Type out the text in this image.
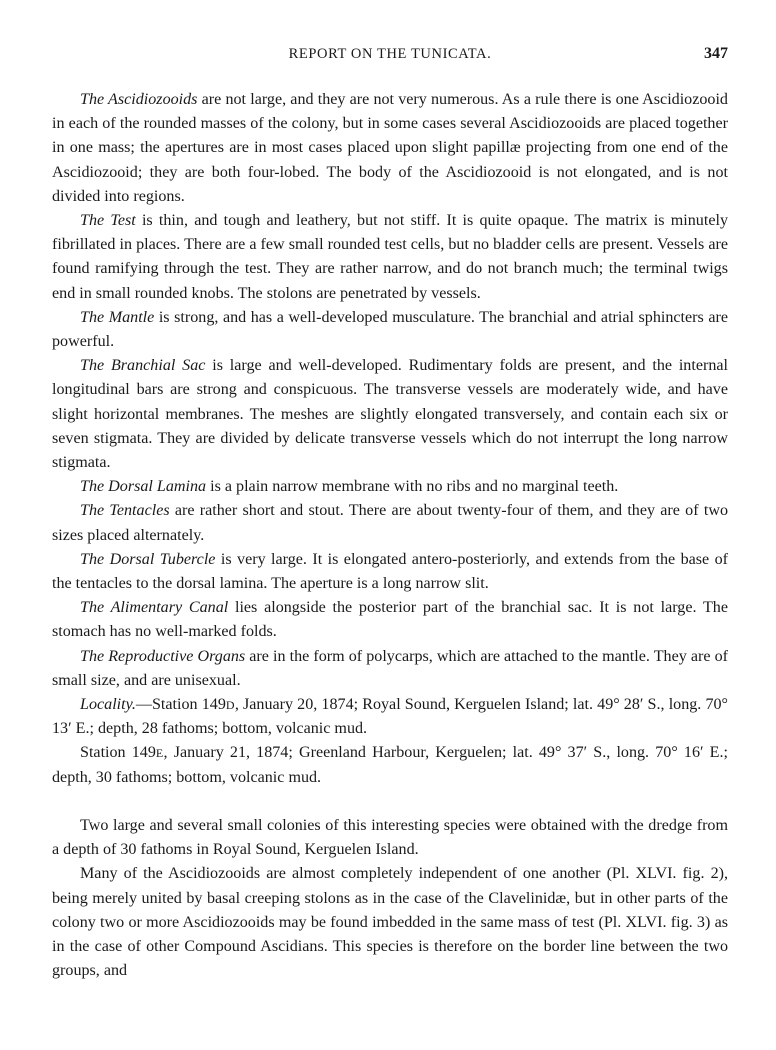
REPORT ON THE TUNICATA.	347

The Ascidiozooids are not large, and they are not very numerous. As a rule there is one Ascidiozooid in each of the rounded masses of the colony, but in some cases several Ascidiozooids are placed together in one mass; the apertures are in most cases placed upon slight papillæ projecting from one end of the Ascidiozooid; they are both four-lobed. The body of the Ascidiozooid is not elongated, and is not divided into regions.

The Test is thin, and tough and leathery, but not stiff. It is quite opaque. The matrix is minutely fibrillated in places. There are a few small rounded test cells, but no bladder cells are present. Vessels are found ramifying through the test. They are rather narrow, and do not branch much; the terminal twigs end in small rounded knobs. The stolons are penetrated by vessels.

The Mantle is strong, and has a well-developed musculature. The branchial and atrial sphincters are powerful.

The Branchial Sac is large and well-developed. Rudimentary folds are present, and the internal longitudinal bars are strong and conspicuous. The transverse vessels are moderately wide, and have slight horizontal membranes. The meshes are slightly elongated transversely, and contain each six or seven stigmata. They are divided by delicate transverse vessels which do not interrupt the long narrow stigmata.

The Dorsal Lamina is a plain narrow membrane with no ribs and no marginal teeth.

The Tentacles are rather short and stout. There are about twenty-four of them, and they are of two sizes placed alternately.

The Dorsal Tubercle is very large. It is elongated antero-posteriorly, and extends from the base of the tentacles to the dorsal lamina. The aperture is a long narrow slit.

The Alimentary Canal lies alongside the posterior part of the branchial sac. It is not large. The stomach has no well-marked folds.

The Reproductive Organs are in the form of polycarps, which are attached to the mantle. They are of small size, and are unisexual.

Locality.—Station 149D, January 20, 1874; Royal Sound, Kerguelen Island; lat. 49° 28′ S., long. 70° 13′ E.; depth, 28 fathoms; bottom, volcanic mud.

Station 149E, January 21, 1874; Greenland Harbour, Kerguelen; lat. 49° 37′ S., long. 70° 16′ E.; depth, 30 fathoms; bottom, volcanic mud.

Two large and several small colonies of this interesting species were obtained with the dredge from a depth of 30 fathoms in Royal Sound, Kerguelen Island.

Many of the Ascidiozooids are almost completely independent of one another (Pl. XLVI. fig. 2), being merely united by basal creeping stolons as in the case of the Clavelinidæ, but in other parts of the colony two or more Ascidiozooids may be found imbedded in the same mass of test (Pl. XLVI. fig. 3) as in the case of other Compound Ascidians. This species is therefore on the border line between the two groups, and
